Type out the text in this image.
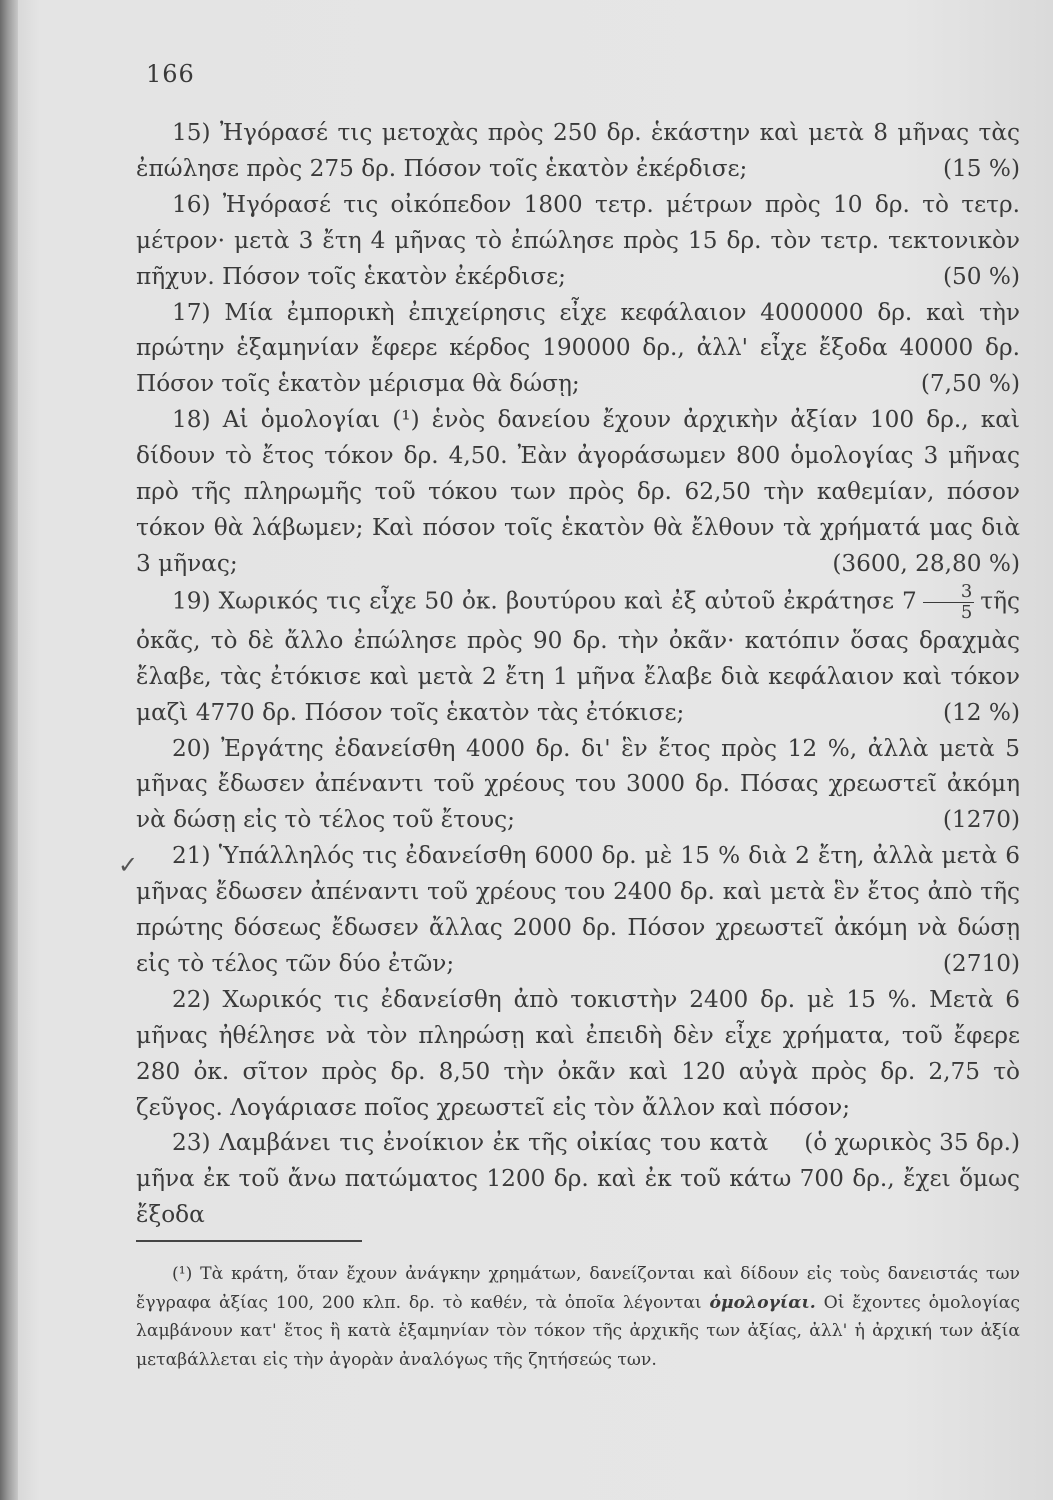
166
✓

15) Ἠγόρασέ τις μετοχὰς πρὸς 250 δρ. ἑκάστην καὶ μετὰ 8 μῆνας τὰς ἐπώλησε πρὸς 275 δρ. Πόσον τοῖς ἑκατὸν ἐκέρδισε;	(15 %)

16) Ἠγόρασέ τις οἰκόπεδον 1800 τετρ. μέτρων πρὸς 10 δρ. τὸ τετρ. μέτρον· μετὰ 3 ἔτη 4 μῆνας τὸ ἐπώλησε πρὸς 15 δρ. τὸν τετρ. τεκτονικὸν πῆχυν. Πόσον τοῖς ἑκατὸν ἐκέρδισε;	(50 %)

17) Μία ἐμπορικὴ ἐπιχείρησις εἶχε κεφάλαιον 4000000 δρ. καὶ τὴν πρώτην ἑξαμηνίαν ἔφερε κέρδος 190000 δρ., ἀλλ' εἶχε ἔξοδα 40000 δρ. Πόσον τοῖς ἑκατὸν μέρισμα θὰ δώσῃ;	(7,50 %)

18) Αἱ ὁμολογίαι (¹) ἑνὸς δανείου ἔχουν ἀρχικὴν ἀξίαν 100 δρ., καὶ δίδουν τὸ ἔτος τόκον δρ. 4,50. Ἐὰν ἀγοράσωμεν 800 ὁμολογίας 3 μῆνας πρὸ τῆς πληρωμῆς τοῦ τόκου των πρὸς δρ. 62,50 τὴν καθεμίαν, πόσον τόκον θὰ λάβωμεν; Καὶ πόσον τοῖς ἑκατὸν θὰ ἔλθουν τὰ χρήματά μας διὰ 3 μῆνας;	(3600, 28,80 %)

19) Χωρικός τις εἶχε 50 ὀκ. βουτύρου καὶ ἐξ αὐτοῦ ἐκράτησε $7 \frac{3}{5}$ τῆς ὀκᾶς, τὸ δὲ ἄλλο ἐπώλησε πρὸς 90 δρ. τὴν ὀκᾶν· κατόπιν ὅσας δραχμὰς ἔλαβε, τὰς ἐτόκισε καὶ μετὰ 2 ἔτη 1 μῆνα ἔλαβε διὰ κεφάλαιον καὶ τόκον μαζὶ 4770 δρ. Πόσον τοῖς ἑκατὸν τὰς ἐτόκισε;	(12 %)

20) Ἐργάτης ἐδανείσθη 4000 δρ. δι' ἓν ἔτος πρὸς 12 %, ἀλλὰ μετὰ 5 μῆνας ἔδωσεν ἀπέναντι τοῦ χρέους του 3000 δρ. Πόσας χρεωστεῖ ἀκόμη νὰ δώσῃ εἰς τὸ τέλος τοῦ ἔτους;	(1270)

21) Ὑπάλληλός τις ἐδανείσθη 6000 δρ. μὲ 15 % διὰ 2 ἔτη, ἀλλὰ μετὰ 6 μῆνας ἔδωσεν ἀπέναντι τοῦ χρέους του 2400 δρ. καὶ μετὰ ἓν ἔτος ἀπὸ τῆς πρώτης δόσεως ἔδωσεν ἄλλας 2000 δρ. Πόσον χρεωστεῖ ἀκόμη νὰ δώσῃ εἰς τὸ τέλος τῶν δύο ἐτῶν;	(2710)

22) Χωρικός τις ἐδανείσθη ἀπὸ τοκιστὴν 2400 δρ. μὲ 15 %. Μετὰ 6 μῆνας ἠθέλησε νὰ τὸν πληρώσῃ καὶ ἐπειδὴ δὲν εἶχε χρήματα, τοῦ ἔφερε 280 ὀκ. σῖτον πρὸς δρ. 8,50 τὴν ὀκᾶν καὶ 120 αὐγὰ πρὸς δρ. 2,75 τὸ ζεῦγος. Λογάριασε ποῖος χρεωστεῖ εἰς τὸν ἄλλον καὶ πόσον;
(ὁ χωρικὸς 35 δρ.)

23) Λαμβάνει τις ἐνοίκιον ἐκ τῆς οἰκίας του κατὰ μῆνα ἐκ τοῦ ἄνω πατώματος 1200 δρ. καὶ ἐκ τοῦ κάτω 700 δρ., ἔχει ὅμως ἔξοδα

(¹) Τὰ κράτη, ὅταν ἔχουν ἀνάγκην χρημάτων, δανείζονται καὶ δίδουν εἰς τοὺς δανειστάς των ἔγγραφα ἀξίας 100, 200 κλπ. δρ. τὸ καθέν, τὰ ὁποῖα λέγονται ὁμολογίαι. Οἱ ἔχοντες ὁμολογίας λαμβάνουν κατ' ἔτος ἢ κατὰ ἑξαμηνίαν τὸν τόκον τῆς ἀρχικῆς των ἀξίας, ἀλλ' ἡ ἀρχική των ἀξία μεταβάλλεται εἰς τὴν ἀγορὰν ἀναλόγως τῆς ζητήσεώς των.
